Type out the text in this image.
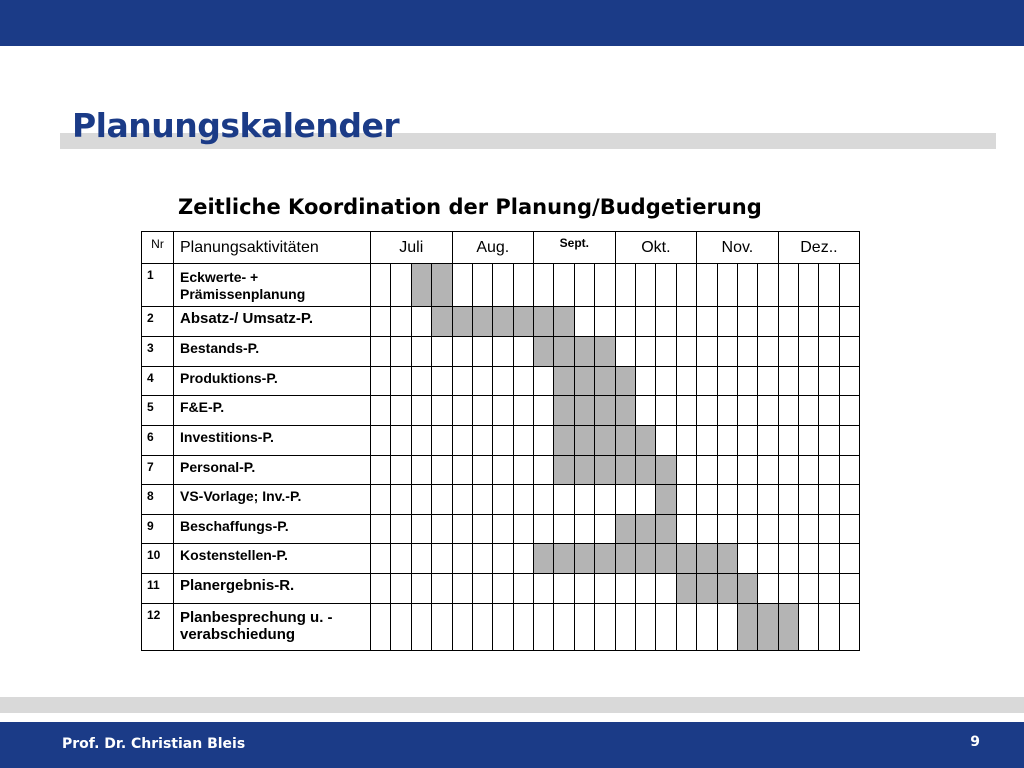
Planungskalender
Zeitliche Koordination der Planung/Budgetierung
Nr	Planungsaktivitäten	Juli				Aug.				Sept.				Okt.				Nov.				Dez..			
1	Eckwerte- + Prämissenplanung																								
2	Absatz-/ Umsatz-P.																								
3	Bestands-P.																								
4	Produktions-P.																								
5	F&E-P.																								
6	Investitions-P.																								
7	Personal-P.																								
8	VS-Vorlage; Inv.-P.																								
9	Beschaffungs-P.																								
10	Kostenstellen-P.																								
11	Planergebnis-R.																								
12	Planbesprechung u. -verabschiedung																								

Prof. Dr. Christian Bleis	9
